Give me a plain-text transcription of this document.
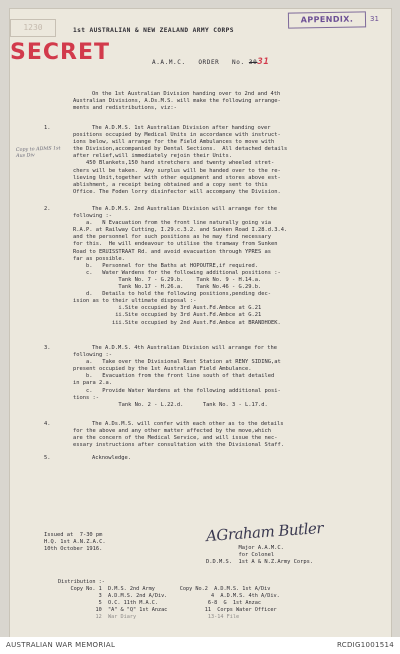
1230
APPENDIX.	31
SECRET
1st AUSTRALIAN & NEW ZEALAND ARMY CORPS
A.A.M.C.   ORDER   No. 3031

On the 1st Australian Division handing over to 2nd and 4th

Australian Divisions, A.Ds.M.S. will make the following arrange-

ments and redistributions, viz:-

Copy to ADMS 1st Aus Div
1.	The A.D.M.S. 1st Australian Division after handing over

positions occupied by Medical Units in accordance with instruct-

ions below, will arrange for the Field Ambulances to move with

the Division,accompanied by Dental Sections.  All detached details

after relief,will immediately rejoin their Units.

450 Blankets,150 hand stretchers and twenty wheeled stret-

chers will be taken.  Any surplus will be handed over to the re-

lieving Unit,together with other equipment and stores above est-

ablishment, a receipt being obtained and a copy sent to this

Office. The Foden lorry disinfector will accompany the Division.

2.	The A.D.M.S. 2nd Australian Division will arrange for the

following :-

a.   N Evacuation from the front line naturally going via

R.A.P. at Railway Cutting, I.29.c.3.2. and Sunken Road I.28.d.3.4.

and the personnel for such positions as he may find necessary

for this.  He will endeavour to utilise the tramway from Sunken

Road to ERUISSTRAAT Rd. and avoid evacuation through YPRES as

far as possible.

b.   Personnel for the Baths at HOPOUTRE,if required.

c.   Water Wardens for the following additional positions :-

Tank No. 7 - G.29.b.    Tank No. 9 - H.14.a.

Tank No.17 - H.26.a.    Tank No.46 - G.29.b.

d.   Details to hold the following positions,pending dec-

ision as to their ultimate disposal :-

i.Site occupied by 3rd Aust.Fd.Ambce at G.21

ii.Site occupied by 3rd Aust.Fd.Ambce at G.21

iii.Site occupied by 2nd Aust.Fd.Ambce at BRANDHOEK.

3.	The A.D.M.S. 4th Australian Division will arrange for the

following :-

a.   Take over the Divisional Rest Station at RENY SIDING,at

present occupied by the 1st Australian Field Ambulance.

b.   Evacuation from the front line south of that detailed

in para 2.a.

c.   Provide Water Wardens at the following additional posi-

tions :-

Tank No. 2 - L.22.d.      Tank No. 3 - L.17.d.

4.	The A.Ds.M.S. will confer with each other as to the details

for the above and any other matter affected by the move,which

are the concern of the Medical Service, and will issue the nec-

essary instructions after consultation with the Divisional Staff.

5.	Acknowledge.

Issued at  7-30 pm
H.Q. 1st A.N.Z.A.C.
10th October 1916.
AGraham Butler
Major A.A.M.C.
for Colonel
D.D.M.S.  1st A & N.Z.Army Corps.
Distribution :-
Copy No. 1  D.M.S. 2nd Army        Copy No.2  A.D.M.S. 1st A/Div
3  A.D.M.S. 2nd A/Div.              4  A.D.M.S. 4th A/Div.
5  O.C. 11th M.A.C.                6-8  G  1st Anzac
10  "A" & "Q" 1st Anzac            11  Corps Water Officer
12  War Diary                       13-14 File
AUSTRALIAN WAR MEMORIAL	RCDIG1001514
